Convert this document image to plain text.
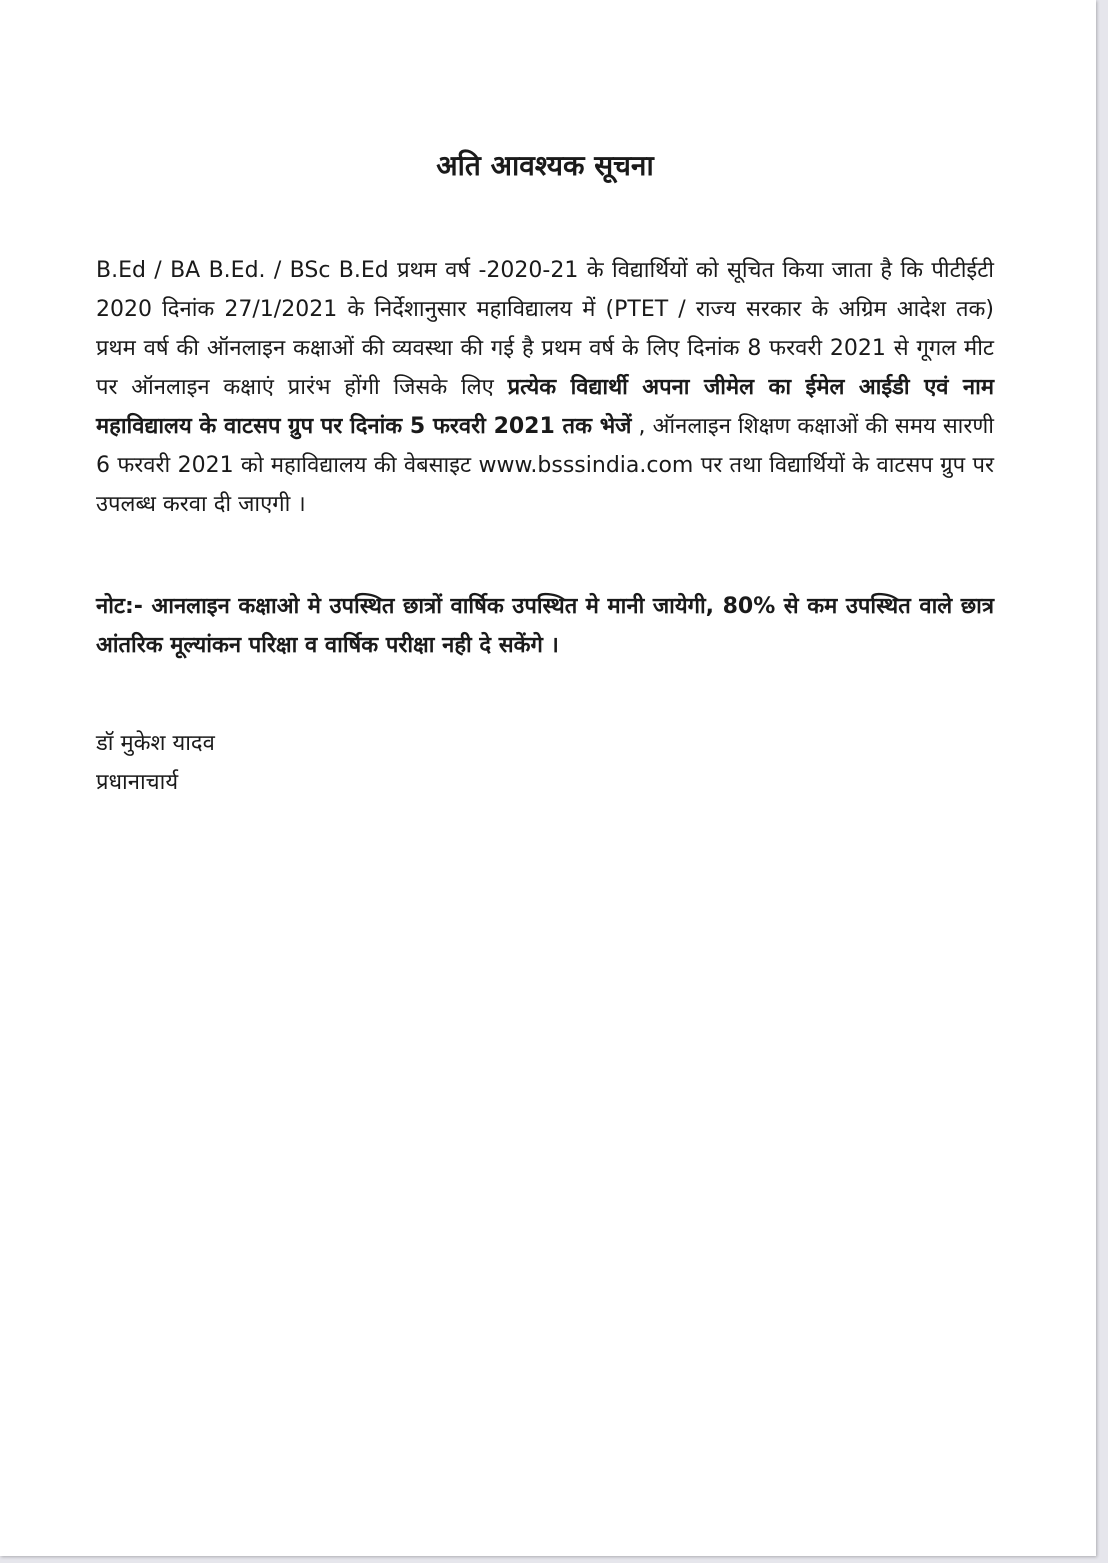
अति आवश्यक सूचना

B.Ed / BA B.Ed. / BSc B.Ed प्रथम वर्ष -2020-21 के विद्यार्थियों को सूचित किया जाता है कि पीटीईटी 2020 दिनांक 27/1/2021 के निर्देशानुसार महाविद्यालय में (PTET / राज्य सरकार के अग्रिम आदेश तक) प्रथम वर्ष की ऑनलाइन कक्षाओं की व्यवस्था की गई है प्रथम वर्ष के लिए दिनांक 8 फरवरी 2021 से गूगल मीट पर ऑनलाइन कक्षाएं प्रारंभ होंगी जिसके लिए प्रत्येक विद्यार्थी अपना जीमेल का ईमेल आईडी एवं नाम महाविद्यालय के वाटसप ग्रुप पर दिनांक 5 फरवरी 2021 तक भेजें , ऑनलाइन शिक्षण कक्षाओं की समय सारणी 6 फरवरी 2021 को महाविद्यालय की वेबसाइट www.bsssindia.com पर तथा विद्यार्थियों के वाटसप ग्रुप पर उपलब्ध करवा दी जाएगी ।

नोट:- आनलाइन कक्षाओ मे उपस्थित छात्रों वार्षिक उपस्थित मे मानी जायेगी, 80% से कम उपस्थित वाले छात्र आंतरिक मूल्यांकन परिक्षा व वार्षिक परीक्षा नही दे सकेंगे ।

डॉ मुकेश यादव
प्रधानाचार्य
